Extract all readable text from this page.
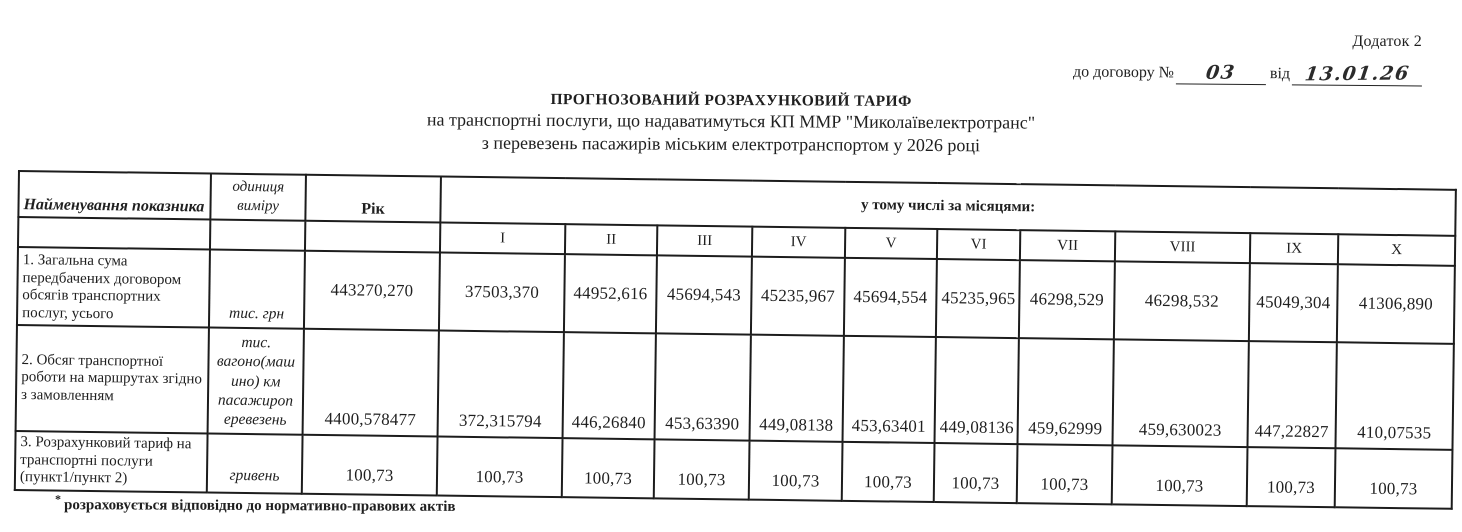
Додаток 2
до договору №	03	від 13.01.26
ПРОГНОЗОВАНИЙ РОЗРАХУНКОВИЙ ТАРИФ
на транспортні послуги, що надаватимуться КП ММР "Миколаївелектротранс"
з перевезень пасажирів міським електротранспортом у 2026 році
Найменування показника	одиниця виміру	Рік	у тому числі за місяцями:									
			I	II	III	IV	V	VI	VII	VIII	IX	X
1. Загальна сума передбачених договором обсягів транспортних послуг, усього	тис. грн	443270,270	37503,370	44952,616	45694,543	45235,967	45694,554	45235,965	46298,529	46298,532	45049,304	41306,890
2. Обсяг транспортної роботи на маршрутах згідно з замовленням	тис. вагоно(маш ино) км пасажироп еревезень	4400,578477	372,315794	446,26840	453,63390	449,08138	453,63401	449,08136	459,62999	459,630023	447,22827	410,07535
3. Розрахунковий тариф на транспортні послуги (пункт1/пункт 2)	гривень	100,73	100,73	100,73	100,73	100,73	100,73	100,73	100,73	100,73	100,73	100,73
* розраховується відповідно до нормативно-правових актів
